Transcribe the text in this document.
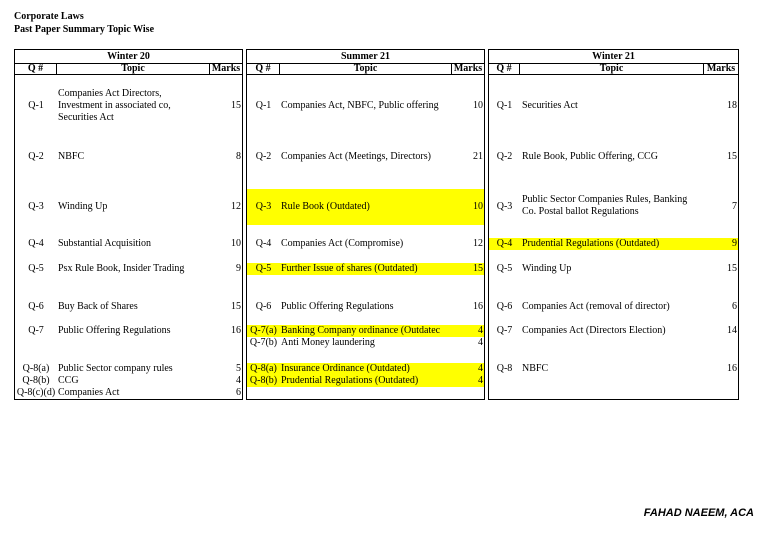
Corporate Laws
Past Paper Summary Topic Wise
Winter 20
Q #	Topic	Marks
Q-1
Companies Act Directors,
Investment in associated co,
Securities Act
15
Q-2	NBFC	8
Q-3	Winding Up	12
Q-4	Substantial Acquisition	10
Q-5	Psx Rule Book, Insider Trading	9
Q-6	Buy Back of Shares	15
Q-7	Public Offering Regulations	16
Q-8(a) Public Sector company rules	5
Q-8(b) CCG	4
Q-8(c)(d) Companies Act	6
Summer 21
Q #	Topic	Marks
Q-1 Companies Act, NBFC, Public offering	10
Q-2 Companies Act (Meetings, Directors)	21
Q-3 Rule Book (Outdated)	10
Q-4 Companies Act (Compromise)	12
Q-5 Further Issue of shares (Outdated)	15
Q-6 Public Offering Regulations	16
Q-7(a) Banking Company ordinance (Outdatec	4
Q-7(b) Anti Money laundering	4
Q-8(a) Insurance Ordinance (Outdated)	4
Q-8(b) Prudential Regulations (Outdated)	4
Winter 21
Q #	Topic	Marks
Q-1 Securities Act	18
Q-2 Rule Book, Public Offering, CCG	15
Q-3
Public Sector Companies Rules, Banking
Co. Postal ballot Regulations	7
Q-4 Prudential Regulations (Outdated)	9
Q-5 Winding Up	15
Q-6 Companies Act (removal of director)	6
Q-7 Companies Act (Directors Election)	14
Q-8 NBFC	16
FAHAD NAEEM, ACA
